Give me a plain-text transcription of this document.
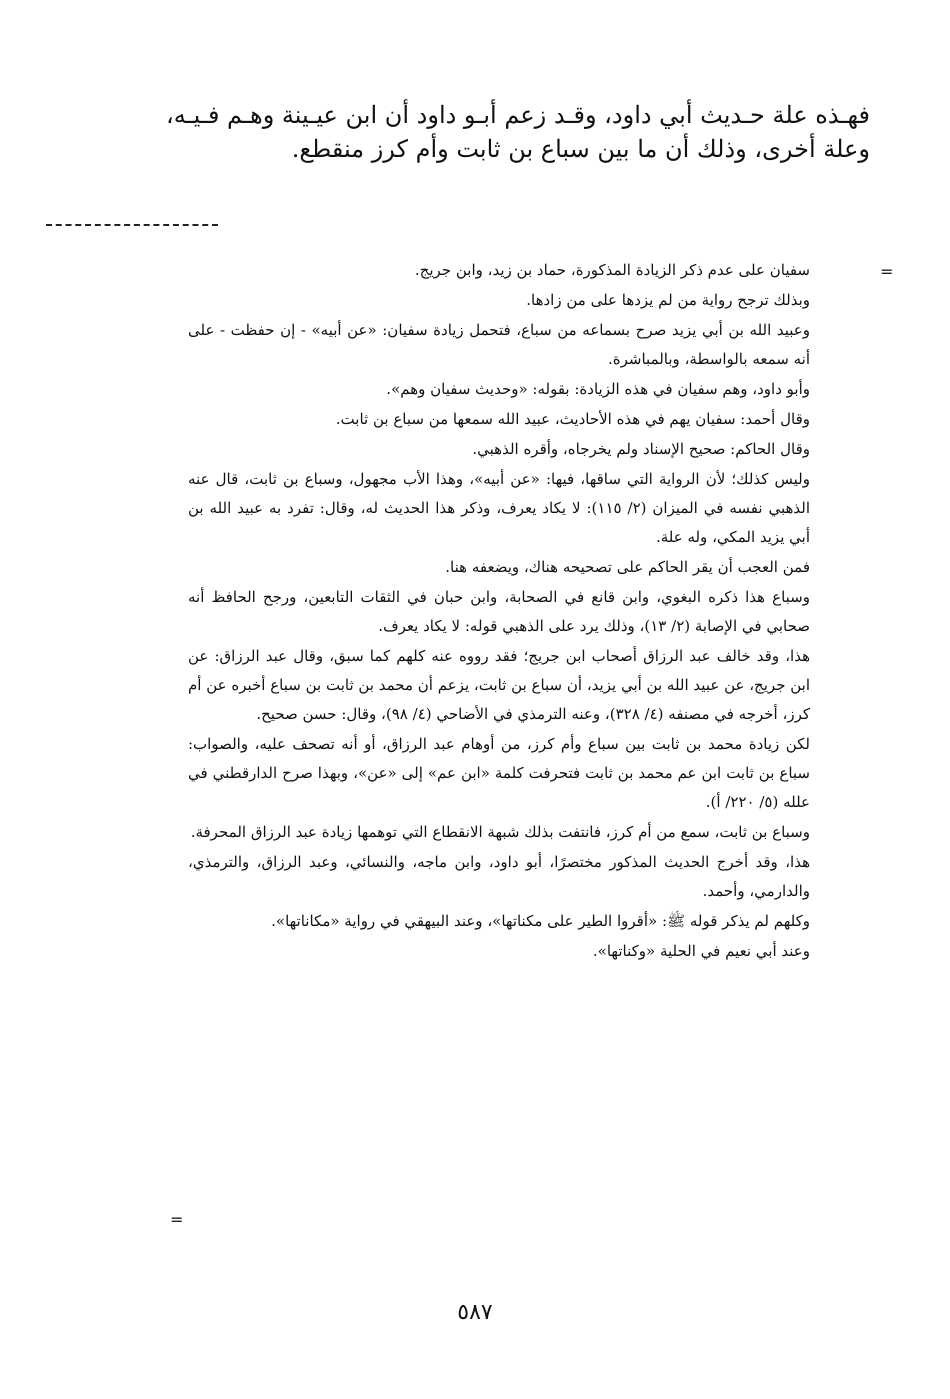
فهـذه علة حـديث أبي داود، وقـد زعم أبـو داود أن ابن عيـينة وهـم فـيـه،

وعلة أخرى، وذلك أن ما بين سباع بن ثابت وأم كرز منقطع.

=

سفيان على عدم ذكر الزيادة المذكورة، حماد بن زيد، وابن جريج.

وبذلك ترجح رواية من لم يزدها على من زادها.

وعبيد الله بن أبي يزيد صرح بسماعه من سباع، فتحمل زيادة سفيان: «عن أبيه» - إن حفظت - على أنه سمعه بالواسطة، وبالمباشرة.

وأبو داود، وهم سفيان في هذه الزيادة: بقوله: «وحديث سفيان وهم».

وقال أحمد: سفيان يهم في هذه الأحاديث، عبيد الله سمعها من سباع بن ثابت.

وقال الحاكم: صحيح الإسناد ولم يخرجاه، وأقره الذهبي.

وليس كذلك؛ لأن الرواية التي ساقها، فيها: «عن أبيه»، وهذا الأب مجهول، وسباع بن ثابت، قال عنه الذهبي نفسه في الميزان (٢/ ١١٥): لا يكاد يعرف، وذكر هذا الحديث له، وقال: تفرد به عبيد الله بن أبي يزيد المكي، وله علة.

فمن العجب أن يقر الحاكم على تصحيحه هناك، ويضعفه هنا.

وسباع هذا ذكره البغوي، وابن قانع في الصحابة، وابن حبان في الثقات التابعين، ورجح الحافظ أنه صحابي في الإصابة (٢/ ١٣)، وذلك يرد على الذهبي قوله: لا يكاد يعرف.

هذا، وقد خالف عبد الرزاق أصحاب ابن جريج؛ فقد رووه عنه كلهم كما سبق، وقال عبد الرزاق: عن ابن جريج، عن عبيد الله بن أبي يزيد، أن سباع بن ثابت، يزعم أن محمد بن ثابت بن سباع أخبره عن أم كرز، أخرجه في مصنفه (٤/ ٣٢٨)، وعنه الترمذي في الأضاحي (٤/ ٩٨)، وقال: حسن صحيح.

لكن زيادة محمد بن ثابت بين سباع وأم كرز، من أوهام عبد الرزاق، أو أنه تصحف عليه، والصواب: سباع بن ثابت ابن عم محمد بن ثابت فتحرفت كلمة «ابن عم» إلى «عن»، وبهذا صرح الدارقطني في علله (٥/ ٢٢٠/ أ).

وسباع بن ثابت، سمع من أم كرز، فانتفت بذلك شبهة الانقطاع التي توهمها زيادة عبد الرزاق المحرفة.

هذا، وقد أخرج الحديث المذكور مختصرًا، أبو داود، وابن ماجه، والنسائي، وعبد الرزاق، والترمذي، والدارمي، وأحمد.

وكلهم لم يذكر قوله ﷺ: «أقروا الطير على مكناتها»، وعند البيهقي في رواية «مكاناتها».

وعند أبي نعيم في الحلية «وكناتها».

=
٥٨٧
